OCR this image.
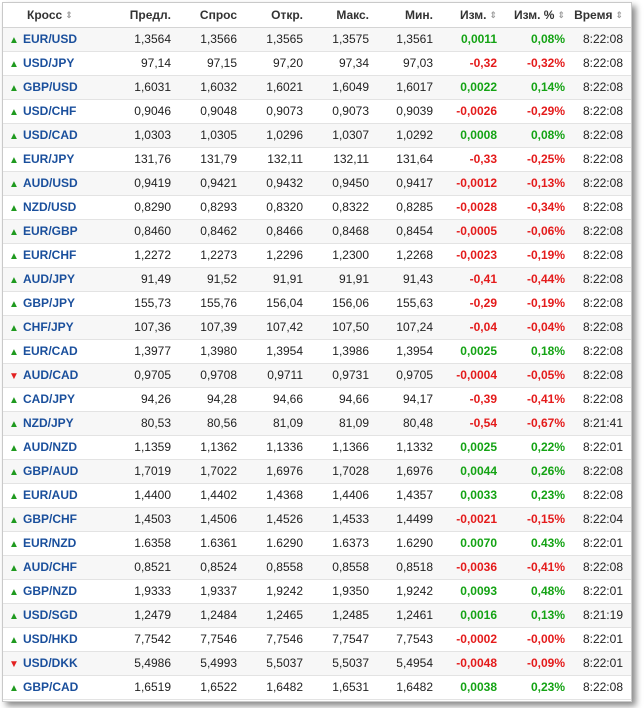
Кросс ⇕	Предл.	Спрос	Откр.	Макс.	Мин.	Изм. ⇕	Изм. % ⇕	Время ⇕
▲ EUR/USD	1,3564	1,3566	1,3565	1,3575	1,3561	0,0011	0,08%	8:22:08
▲ USD/JPY	97,14	97,15	97,20	97,34	97,03	-0,32	-0,32%	8:22:08
▲ GBP/USD	1,6031	1,6032	1,6021	1,6049	1,6017	0,0022	0,14%	8:22:08
▲ USD/CHF	0,9046	0,9048	0,9073	0,9073	0,9039	-0,0026	-0,29%	8:22:08
▲ USD/CAD	1,0303	1,0305	1,0296	1,0307	1,0292	0,0008	0,08%	8:22:08
▲ EUR/JPY	131,76	131,79	132,11	132,11	131,64	-0,33	-0,25%	8:22:08
▲ AUD/USD	0,9419	0,9421	0,9432	0,9450	0,9417	-0,0012	-0,13%	8:22:08
▲ NZD/USD	0,8290	0,8293	0,8320	0,8322	0,8285	-0,0028	-0,34%	8:22:08
▲ EUR/GBP	0,8460	0,8462	0,8466	0,8468	0,8454	-0,0005	-0,06%	8:22:08
▲ EUR/CHF	1,2272	1,2273	1,2296	1,2300	1,2268	-0,0023	-0,19%	8:22:08
▲ AUD/JPY	91,49	91,52	91,91	91,91	91,43	-0,41	-0,44%	8:22:08
▲ GBP/JPY	155,73	155,76	156,04	156,06	155,63	-0,29	-0,19%	8:22:08
▲ CHF/JPY	107,36	107,39	107,42	107,50	107,24	-0,04	-0,04%	8:22:08
▲ EUR/CAD	1,3977	1,3980	1,3954	1,3986	1,3954	0,0025	0,18%	8:22:08
▼ AUD/CAD	0,9705	0,9708	0,9711	0,9731	0,9705	-0,0004	-0,05%	8:22:08
▲ CAD/JPY	94,26	94,28	94,66	94,66	94,17	-0,39	-0,41%	8:22:08
▲ NZD/JPY	80,53	80,56	81,09	81,09	80,48	-0,54	-0,67%	8:21:41
▲ AUD/NZD	1,1359	1,1362	1,1336	1,1366	1,1332	0,0025	0,22%	8:22:01
▲ GBP/AUD	1,7019	1,7022	1,6976	1,7028	1,6976	0,0044	0,26%	8:22:08
▲ EUR/AUD	1,4400	1,4402	1,4368	1,4406	1,4357	0,0033	0,23%	8:22:08
▲ GBP/CHF	1,4503	1,4506	1,4526	1,4533	1,4499	-0,0021	-0,15%	8:22:04
▲ EUR/NZD	1.6358	1.6361	1.6290	1.6373	1.6290	0.0070	0.43%	8:22:01
▲ AUD/CHF	0,8521	0,8524	0,8558	0,8558	0,8518	-0,0036	-0,41%	8:22:08
▲ GBP/NZD	1,9333	1,9337	1,9242	1,9350	1,9242	0,0093	0,48%	8:22:01
▲ USD/SGD	1,2479	1,2484	1,2465	1,2485	1,2461	0,0016	0,13%	8:21:19
▲ USD/HKD	7,7542	7,7546	7,7546	7,7547	7,7543	-0,0002	-0,00%	8:22:01
▼ USD/DKK	5,4986	5,4993	5,5037	5,5037	5,4954	-0,0048	-0,09%	8:22:01
▲ GBP/CAD	1,6519	1,6522	1,6482	1,6531	1,6482	0,0038	0,23%	8:22:08
